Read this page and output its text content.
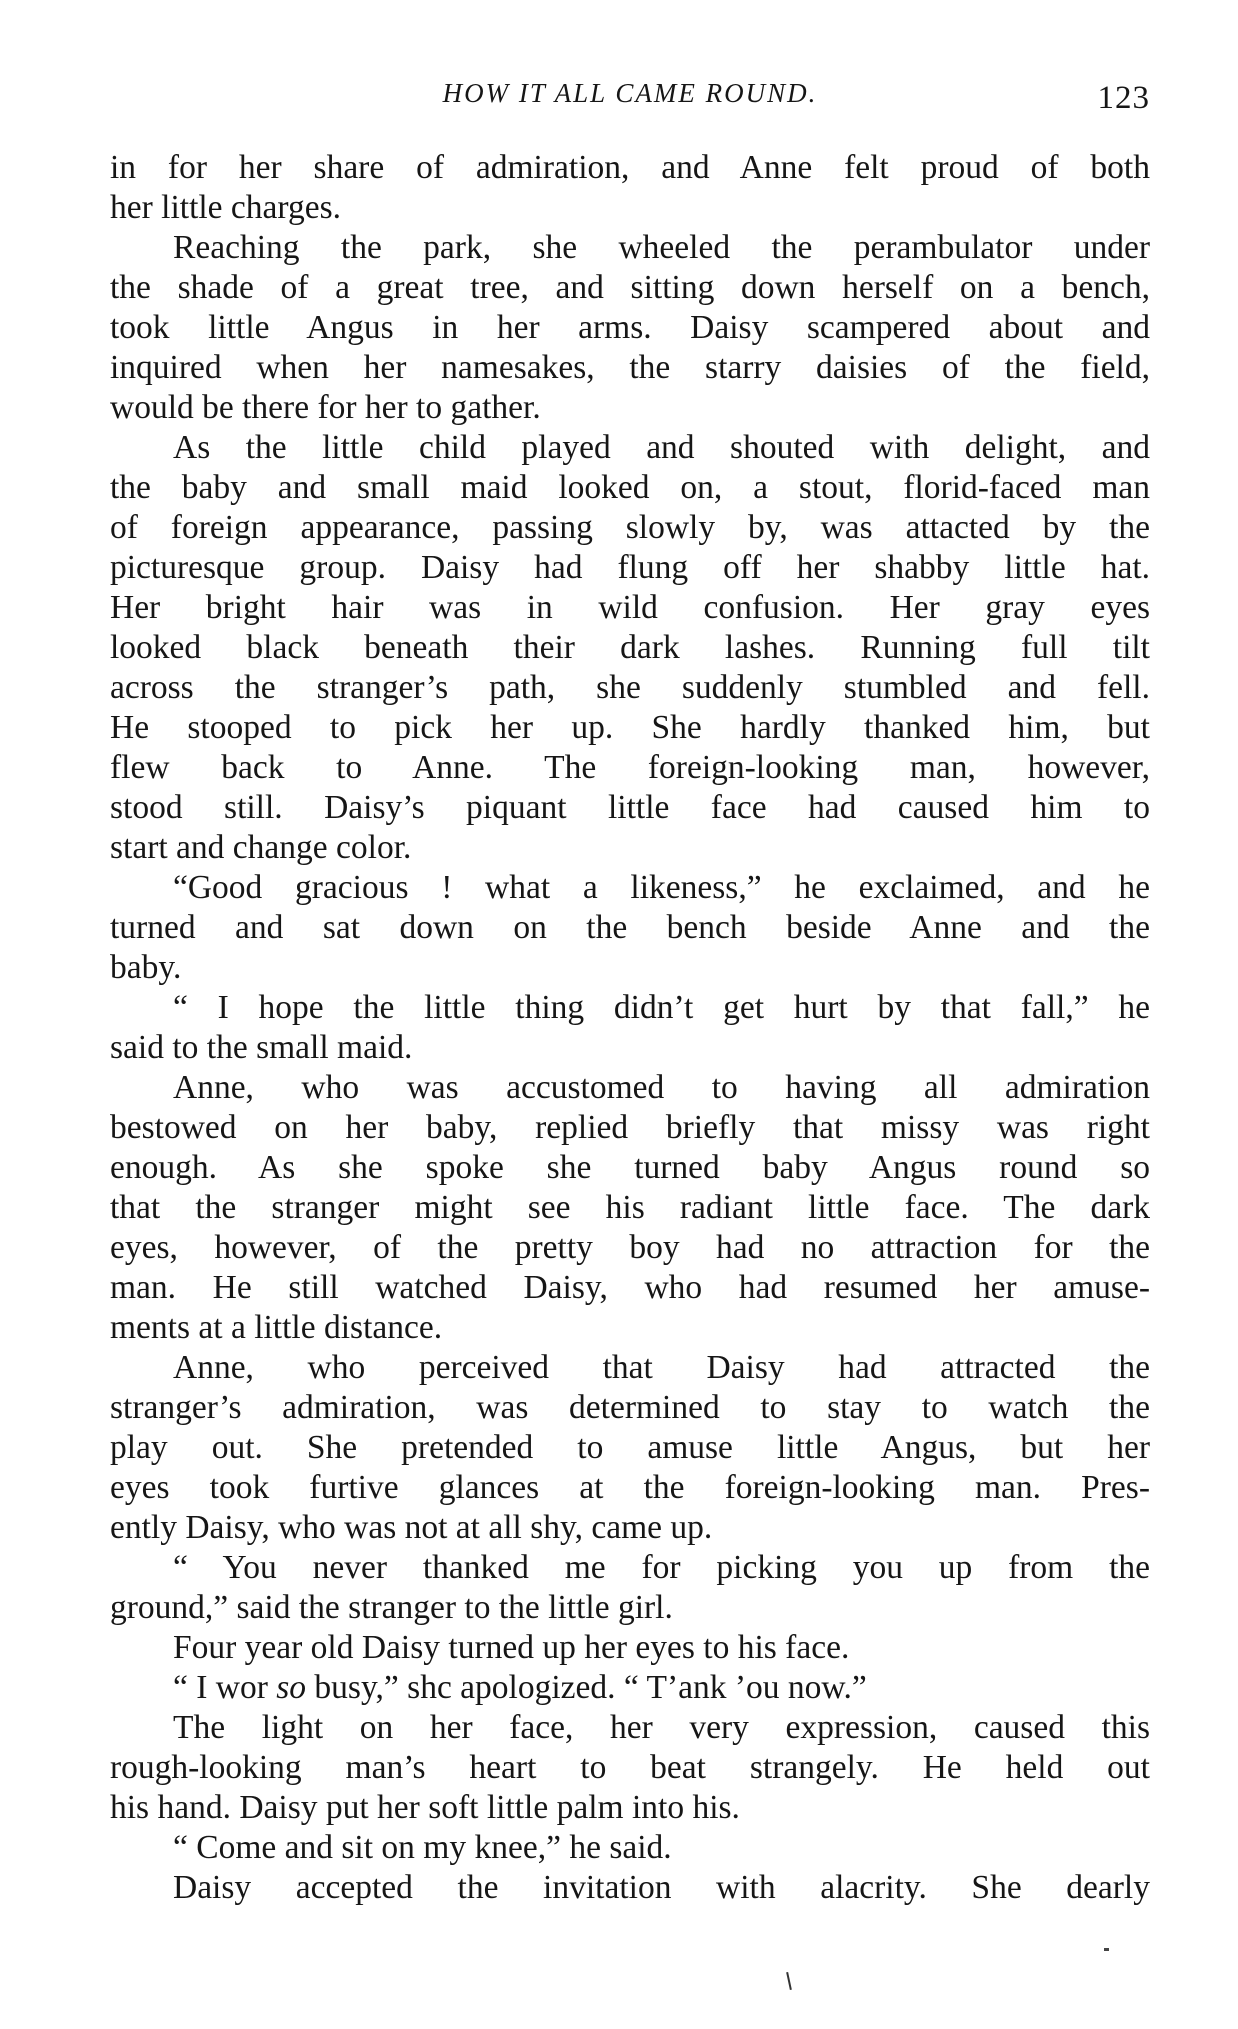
HOW IT ALL CAME ROUND.	123
in for her share of admiration, and Anne felt proud of both
her little charges.
Reaching the park, she wheeled the perambulator under
the shade of a great tree, and sitting down herself on a bench,
took little Angus in her arms. Daisy scampered about and
inquired when her namesakes, the starry daisies of the field,
would be there for her to gather.
As the little child played and shouted with delight, and
the baby and small maid looked on, a stout, florid-faced man
of foreign appearance, passing slowly by, was attacted by the
picturesque group. Daisy had flung off her shabby little hat.
Her bright hair was in wild confusion. Her gray eyes
looked black beneath their dark lashes. Running full tilt
across the stranger’s path, she suddenly stumbled and fell.
He stooped to pick her up. She hardly thanked him, but
flew back to Anne. The foreign-looking man, however,
stood still. Daisy’s piquant little face had caused him to
start and change color.
“Good gracious ! what a likeness,” he exclaimed, and he
turned and sat down on the bench beside Anne and the
baby.
“ I hope the little thing didn’t get hurt by that fall,” he
said to the small maid.
Anne, who was accustomed to having all admiration
bestowed on her baby, replied briefly that missy was right
enough. As she spoke she turned baby Angus round so
that the stranger might see his radiant little face. The dark
eyes, however, of the pretty boy had no attraction for the
man. He still watched Daisy, who had resumed her amuse-
ments at a little distance.
Anne, who perceived that Daisy had attracted the
stranger’s admiration, was determined to stay to watch the
play out. She pretended to amuse little Angus, but her
eyes took furtive glances at the foreign-looking man. Pres-
ently Daisy, who was not at all shy, came up.
“ You never thanked me for picking you up from the
ground,” said the stranger to the little girl.
Four year old Daisy turned up her eyes to his face.
“ I wor so busy,” shc apologized. “ T’ank ’ou now.”
The light on her face, her very expression, caused this
rough-looking man’s heart to beat strangely. He held out
his hand. Daisy put her soft little palm into his.
“ Come and sit on my knee,” he said.
Daisy accepted the invitation with alacrity. She dearly
